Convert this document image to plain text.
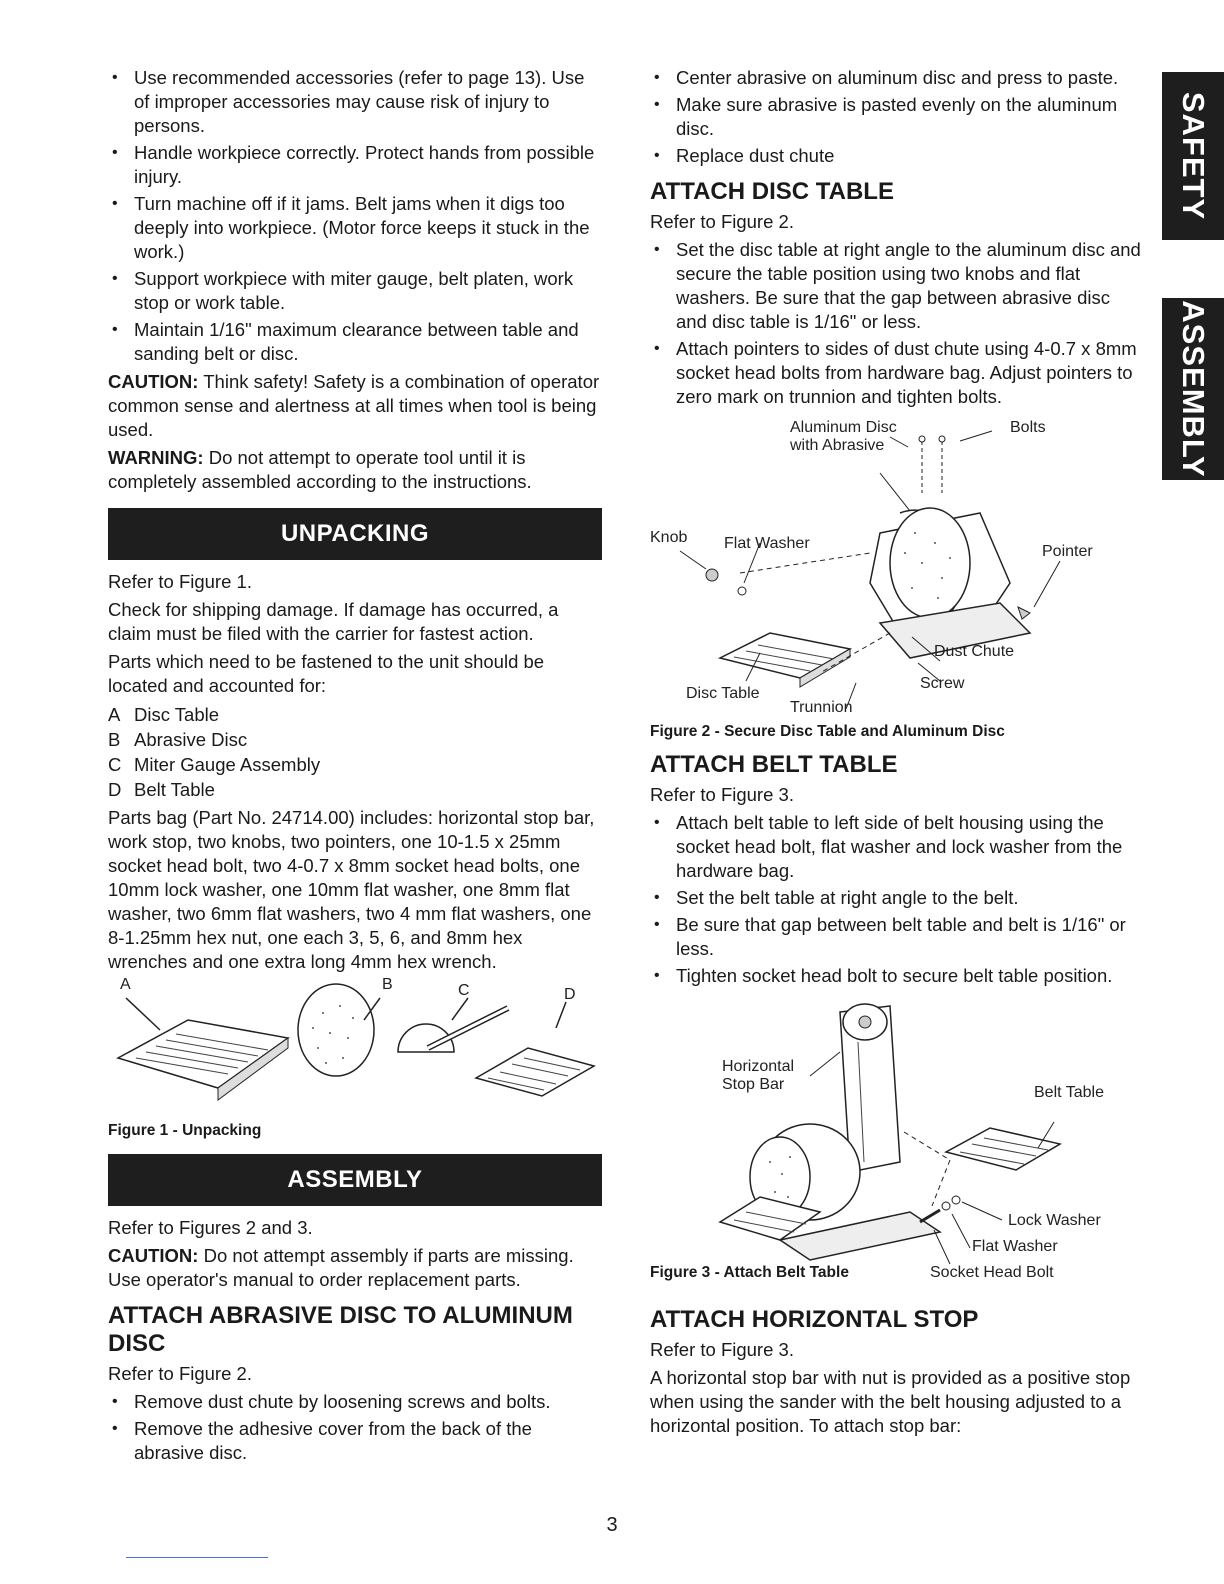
SAFETY
ASSEMBLY
• Use recommended accessories (refer to page 13). Use of improper accessories may cause risk of injury to persons.
• Handle workpiece correctly. Protect hands from possible injury.
• Turn machine off if it jams. Belt jams when it digs too deeply into workpiece. (Motor force keeps it stuck in the work.)
• Support workpiece with miter gauge, belt platen, work stop or work table.
• Maintain 1/16" maximum clearance between table and sanding belt or disc.

CAUTION: Think safety! Safety is a combination of operator common sense and alertness at all times when tool is being used.

WARNING: Do not attempt to operate tool until it is completely assembled according to the instructions.

UNPACKING

Refer to Figure 1.

Check for shipping damage. If damage has occurred, a claim must be filed with the carrier for fastest action.

Parts which need to be fastened to the unit should be located and accounted for:

A Disc Table
B Abrasive Disc
C Miter Gauge Assembly
D Belt Table

Parts bag (Part No. 24714.00) includes: horizontal stop bar, work stop, two knobs, two pointers, one 10-1.5 x 25mm socket head bolt, two 4-0.7 x 8mm socket head bolts, one 10mm lock washer, one 10mm flat washer, one 8mm flat washer, two 6mm flat washers, two 4 mm flat washers, one 8-1.25mm hex nut, one each 3, 5, 6, and 8mm hex wrenches and one extra long 4mm hex wrench.

A	B	C	D
Figure 1 - Unpacking
ASSEMBLY

Refer to Figures 2 and 3.

CAUTION: Do not attempt assembly if parts are missing. Use operator's manual to order replacement parts.

ATTACH ABRASIVE DISC TO ALUMINUM DISC

Refer to Figure 2.

• Remove dust chute by loosening screws and bolts.
• Remove the adhesive cover from the back of the abrasive disc.
• Center abrasive on aluminum disc and press to paste.
• Make sure abrasive is pasted evenly on the aluminum disc.
• Replace dust chute
ATTACH DISC TABLE

Refer to Figure 2.

• Set the disc table at right angle to the aluminum disc and secure the table position using two knobs and flat washers. Be sure that the gap between abrasive disc and disc table is 1/16" or less.
• Attach pointers to sides of dust chute using 4-0.7 x 8mm socket head bolts from hardware bag. Adjust pointers to zero mark on trunnion and tighten bolts.
Aluminum Disc
with Abrasive
Bolts
Knob Flat Washer	Pointer
Dust Chute
Screw
Disc Table
Trunnion
Figure 2 - Secure Disc Table and Aluminum Disc
ATTACH BELT TABLE

Refer to Figure 3.

• Attach belt table to left side of belt housing using the socket head bolt, flat washer and lock washer from the hardware bag.
• Set the belt table at right angle to the belt.
• Be sure that gap between belt table and belt is 1/16" or less.
• Tighten socket head bolt to secure belt table position.
Horizontal
Stop Bar	Belt Table
Lock Washer
Flat Washer
Socket Head Bolt
Figure 3 - Attach Belt Table
ATTACH HORIZONTAL STOP

Refer to Figure 3.

A horizontal stop bar with nut is provided as a positive stop when using the sander with the belt housing adjusted to a horizontal position. To attach stop bar:

3
